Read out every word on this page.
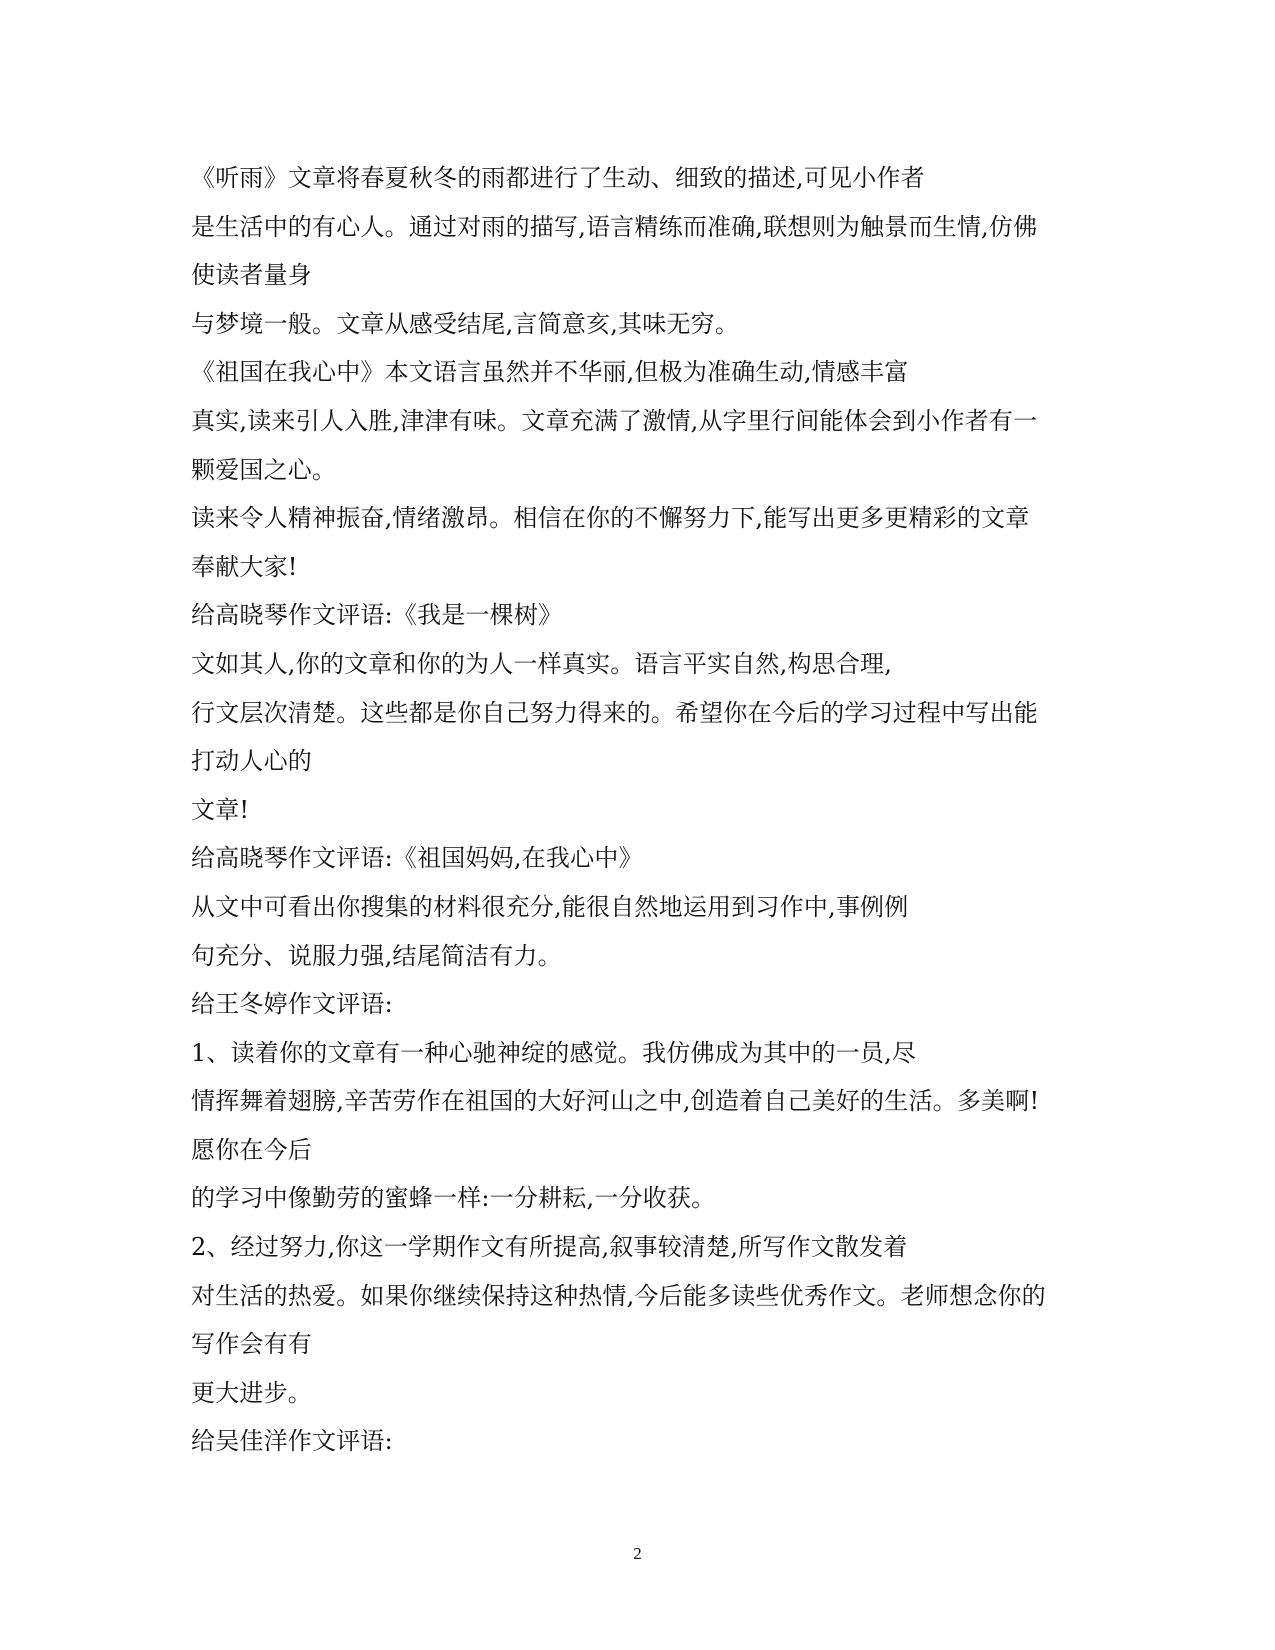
《听雨》文章将春夏秋冬的雨都进行了生动、细致的描述,可见小作者
是生活中的有心人。通过对雨的描写,语言精练而准确,联想则为触景而生情,仿佛
使读者量身
与梦境一般。文章从感受结尾,言简意亥,其味无穷。
《祖国在我心中》本文语言虽然并不华丽,但极为准确生动,情感丰富
真实,读来引人入胜,津津有味。文章充满了激情,从字里行间能体会到小作者有一
颗爱国之心。
读来令人精神振奋,情绪激昂。相信在你的不懈努力下,能写出更多更精彩的文章
奉献大家!
给高晓琴作文评语:《我是一棵树》
文如其人,你的文章和你的为人一样真实。语言平实自然,构思合理,
行文层次清楚。这些都是你自己努力得来的。希望你在今后的学习过程中写出能
打动人心的
文章!
给高晓琴作文评语:《祖国妈妈,在我心中》
从文中可看出你搜集的材料很充分,能很自然地运用到习作中,事例例
句充分、说服力强,结尾简洁有力。
给王冬婷作文评语:
1、读着你的文章有一种心驰神绽的感觉。我仿佛成为其中的一员,尽
情挥舞着翅膀,辛苦劳作在祖国的大好河山之中,创造着自己美好的生活。多美啊!
愿你在今后
的学习中像勤劳的蜜蜂一样:一分耕耘,一分收获。
2、经过努力,你这一学期作文有所提高,叙事较清楚,所写作文散发着
对生活的热爱。如果你继续保持这种热情,今后能多读些优秀作文。老师想念你的
写作会有有
更大进步。
给吴佳洋作文评语:
2
